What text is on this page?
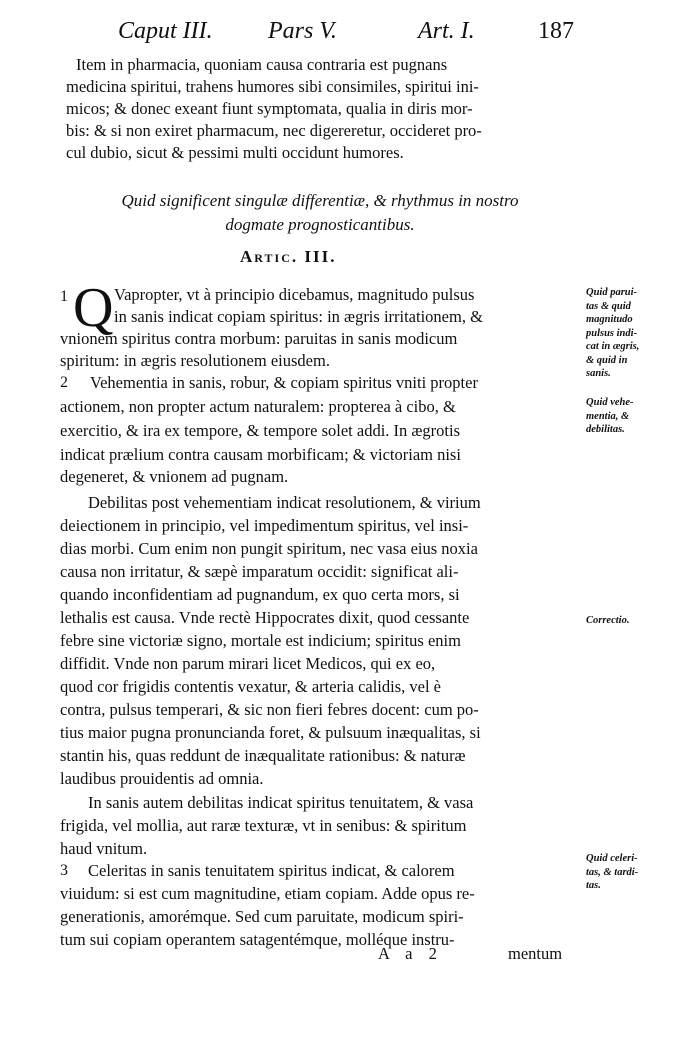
Caput III. Pars V.	Art. I.	187
Item in pharmacia, quoniam causa contraria est pugnans
medicina spiritui, trahens humores sibi consimiles, spiritui ini-
micos; & donec exeant fiunt symptomata, qualia in diris mor-
bis: & si non exiret pharmacum, nec digereretur, occideret pro-
cul dubio, sicut & pessimi multi occidunt humores.
Quid significent singulæ differentiæ, & rhythmus in nostro
dogmate prognosticantibus.
Artic. III.
1 Q Vapropter, vt à principio dicebamus, magnitudo pulsus
in sanis indicat copiam spiritus: in ægris irritationem, &
vnionem spiritus contra morbum: paruitas in sanis modicum
spiritum: in ægris resolutionem eiusdem.
2 Vehementia in sanis, robur, & copiam spiritus vniti propter
actionem, non propter actum naturalem: propterea à cibo, &
exercitio, & ira ex tempore, & tempore solet addi. In ægrotis
indicat prælium contra causam morbificam; & victoriam nisi
degeneret, & vnionem ad pugnam.
Debilitas post vehementiam indicat resolutionem, & virium
deiectionem in principio, vel impedimentum spiritus, vel insi-
dias morbi. Cum enim non pungit spiritum, nec vasa eius noxia
causa non irritatur, & sæpè imparatum occidit: significat ali-
quando inconfidentiam ad pugnandum, ex quo certa mors, si
lethalis est causa. Vnde rectè Hippocrates dixit, quod cessante
febre sine victoriæ signo, mortale est indicium; spiritus enim
diffidit. Vnde non parum mirari licet Medicos, qui ex eo,
quod cor frigidis contentis vexatur, & arteria calidis, vel è
contra, pulsus temperari, & sic non fieri febres docent: cum po-
tius maior pugna pronuncianda foret, & pulsuum inæqualitas, si
stantin his, quas reddunt de inæqualitate rationibus: & naturæ
laudibus prouidentis ad omnia.
In sanis autem debilitas indicat spiritus tenuitatem, & vasa
frigida, vel mollia, aut raræ texturæ, vt in senibus: & spiritum
haud vnitum.
3 Celeritas in sanis tenuitatem spiritus indicat, & calorem
viuidum: si est cum magnitudine, etiam copiam. Adde opus re-
generationis, amorémque. Sed cum paruitate, modicum spiri-
tum sui copiam operantem satagentémque, molléque instru-
A a 2	mentum
Quid parui-
tas & quid
magnitudo
pulsus indi-
cat in ægris,
& quid in
sanis.
Quid vehe-
mentia, &
debilitas.
Correctio.
Quid celeri-
tas, & tardi-
tas.
